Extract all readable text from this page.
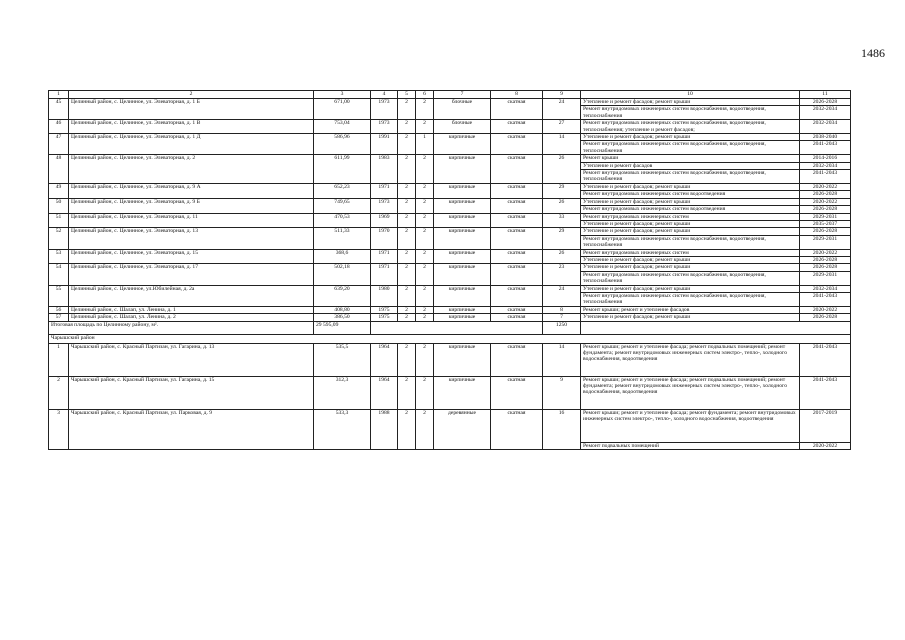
1486
1	2	3	4	5	6	7	8	9	10	11
45	Целинный район, с. Целинное, ул. Элеваторная, д. 1 Б	671,00	1973	2	2	блочные	скатная	24	Утепление и ремонт фасадов; ремонт крыши	2026-2028
									Ремонт внутридомовых инженерных систем водоснабжения, водоотведения, теплоснабжения	2032-2034
46	Целинный район, с. Целинное, ул. Элеваторная, д. 1 В	753,04	1973	2	2	блочные	скатная	27	Ремонт внутридомовых инженерных систем водоснабжения, водоотведения, теплоснабжения; утепление и ремонт фасадов;	2032-2034
47	Целинный район, с. Целинное, ул. Элеваторная, д. 1 Д	586,96	1991	2	1	кирпичные	скатная	14	Утепление и ремонт фасадов; ремонт крыши	2038-2040
									Ремонт внутридомовых инженерных систем водоснабжения, водоотведения, теплоснабжения	2041-2043
48	Целинный район, с. Целинное, ул. Элеваторная, д. 2	611,99	1983	2	2	кирпичные	скатная	26	Ремонт крыши	2014-2016
									Утепление и ремонт фасадов	2032-2034
									Ремонт внутридомовых инженерных систем водоснабжения, водоотведения, теплоснабжения	2041-2043
49	Целинный район, с. Целинное, ул. Элеваторная, д. 9 А	652,23	1971	2	2	кирпичные	скатная	29	Утепление и ремонт фасадов; ремонт крыши	2020-2022
									Ремонт внутридомовых инженерных систем водоотведения	2026-2028
50	Целинный район, с. Целинное, ул. Элеваторная, д. 9 Б	749,65	1973	2	2	кирпичные	скатная	26	Утепление и ремонт фасадов; ремонт крыши	2020-2022
									Ремонт внутридомовых инженерных систем водоотведения	2026-2028
51	Целинный район, с. Целинное, ул. Элеваторная, д. 11	470,53	1969	2	2	кирпичные	скатная	33	Ремонт внутридомовых инженерных систем	2029-2031
									Утепление и ремонт фасадов; ремонт крыши	2035-2037
52	Целинный район, с. Целинное, ул. Элеваторная, д. 13	511,33	1970	2	2	кирпичные	скатная	29	Утепление и ремонт фасадов; ремонт крыши	2026-2028
									Ремонт внутридомовых инженерных систем водоснабжения, водоотведения, теплоснабжения	2029-2031
53	Целинный район, с. Целинное, ул. Элеваторная, д. 15	368,6	1971	2	2	кирпичные	скатная	26	Ремонт внутридомовых инженерных систем	2020-2022
									Утепление и ремонт фасадов; ремонт крыши	2026-2028
54	Целинный район, с. Целинное, ул. Элеваторная, д. 17	502,18	1971	2	2	кирпичные	скатная	23	Утепление и ремонт фасадов; ремонт крыши	2026-2028
									Ремонт внутридомовых инженерных систем водоснабжения, водоотведения, теплоснабжения	2029-2031
55	Целинный район, с. Целинное, ул.Юбилейная, д. 2а	639,20	1980	2	2	кирпичные	скатная	24	Утепление и ремонт фасадов; ремонт крыши	2032-2034
									Ремонт внутридомовых инженерных систем водоснабжения, водоотведения, теплоснабжения	2041-2043
56	Целинный район, с. Шалап, ул. Ленина, д. 1	408,80	1975	2	2	кирпичные	скатная	8	Ремонт крыши; ремонт и утепление фасадов	2020-2022
57	Целинный район, с. Шалап, ул. Ленина, д. 2	386,50	1975	2	2	кирпичные	скатная	7	Утепление и ремонт фасадов; ремонт крыши	2026-2028
Итоговая площадь по Целинному району, м².		29 595,09						1250		
Чарышский район										
1	Чарышский район, с. Красный Партизан, ул. Гагарина, д. 13	535,5	1964	2	2	кирпичные	скатная	14	Ремонт крыши; ремонт и утепление фасада; ремонт подвальных помещений; ремонт фундамента; ремонт внутридомовых инженерных систем электро-, тепло-, холодного водоснабжения, водоотведения	2041-2043
2	Чарышский район, с. Красный Партизан, ул. Гагарина, д. 15	312,3	1964	2	2	кирпичные	скатная	9	Ремонт крыши; ремонт и утепление фасада; ремонт подвальных помещений; ремонт фундамента; ремонт внутридомовых инженерных систем электро-, тепло-, холодного водоснабжения, водоотведения	2041-2043
3	Чарышский район, с. Красный Партизан, ул. Парковая, д. 9	533,3	1988	2	2	деревянные	скатная	16	Ремонт крыши; ремонт и утепление фасада; ремонт фундамента; ремонт внутридомовых инженерных систем электро-, тепло-, холодного водоснабжения, водоотведения	2017-2019
									Ремонт подвальных помещений	2020-2022
